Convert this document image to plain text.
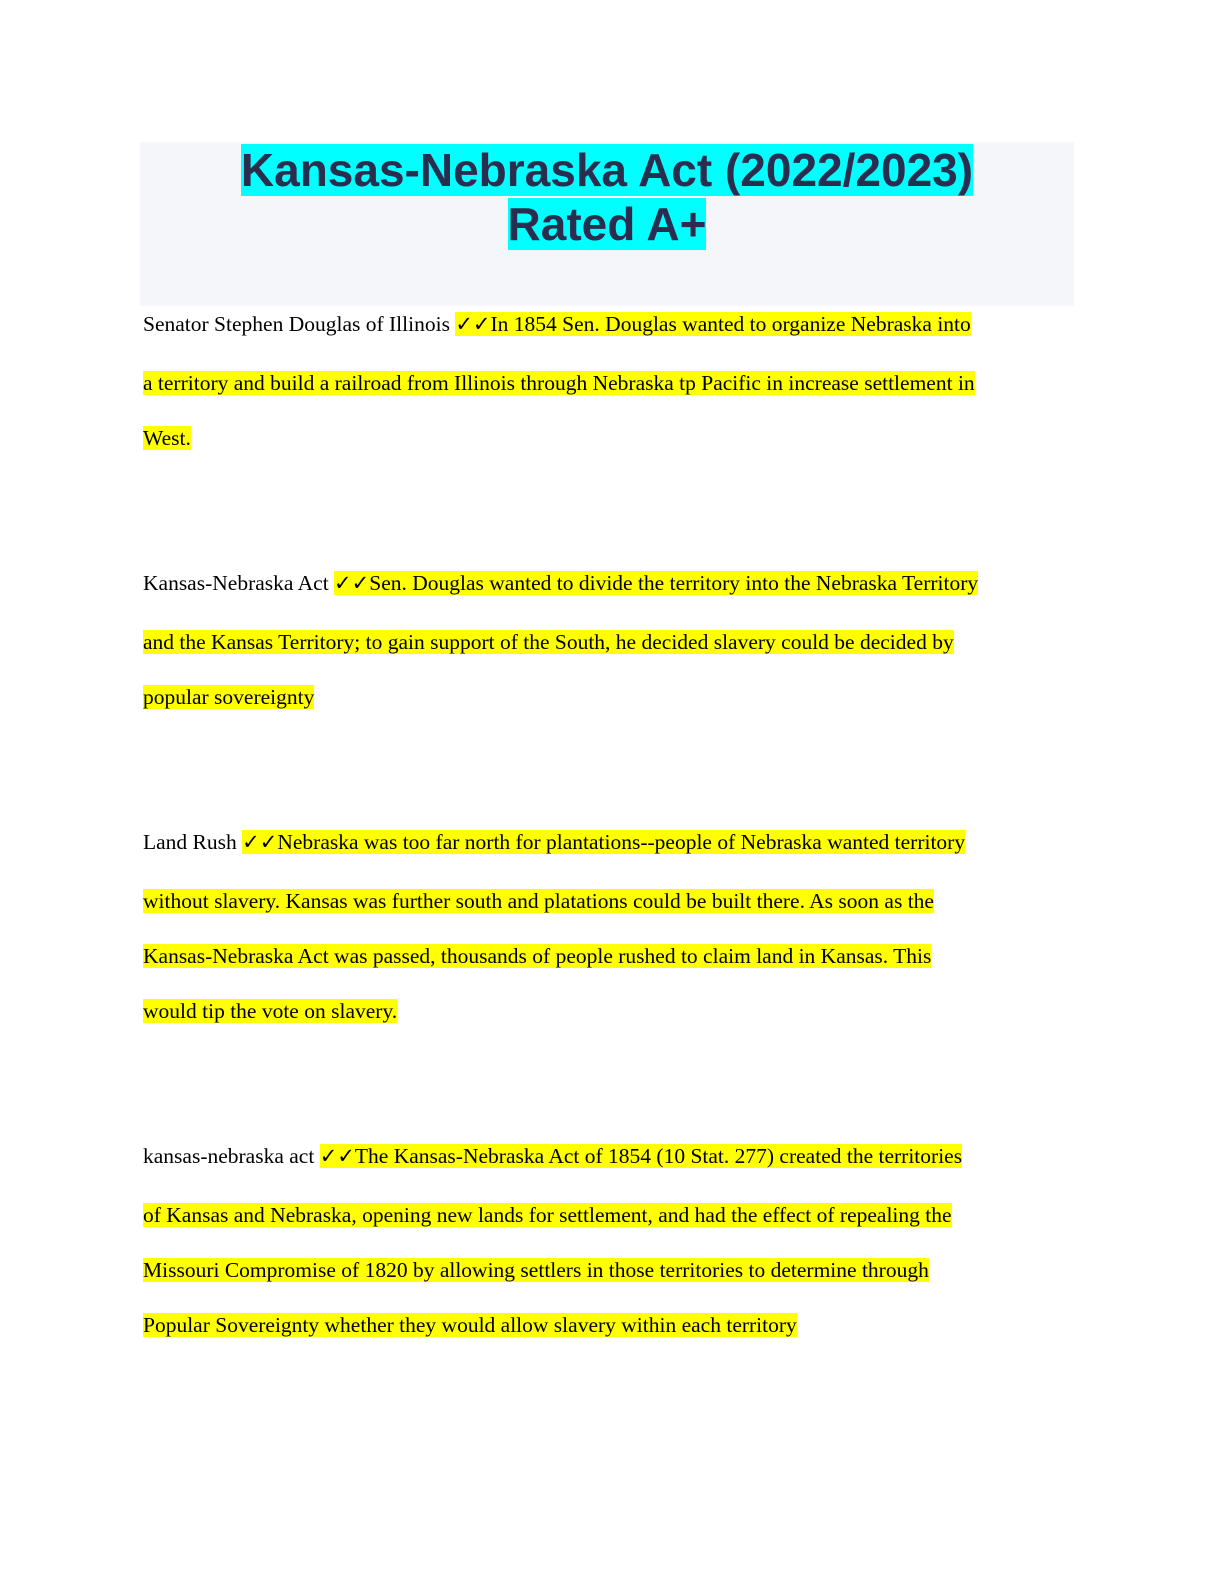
Kansas-Nebraska Act (2022/2023)
Rated A+
Senator Stephen Douglas of Illinois ✓✓In 1854 Sen. Douglas wanted to organize Nebraska into
a territory and build a railroad from Illinois through Nebraska tp Pacific in increase settlement in
West.
Kansas-Nebraska Act ✓✓Sen. Douglas wanted to divide the territory into the Nebraska Territory
and the Kansas Territory; to gain support of the South, he decided slavery could be decided by
popular sovereignty
Land Rush ✓✓Nebraska was too far north for plantations--people of Nebraska wanted territory
without slavery. Kansas was further south and platations could be built there. As soon as the
Kansas-Nebraska Act was passed, thousands of people rushed to claim land in Kansas. This
would tip the vote on slavery.
kansas-nebraska act ✓✓The Kansas-Nebraska Act of 1854 (10 Stat. 277) created the territories
of Kansas and Nebraska, opening new lands for settlement, and had the effect of repealing the
Missouri Compromise of 1820 by allowing settlers in those territories to determine through
Popular Sovereignty whether they would allow slavery within each territory
